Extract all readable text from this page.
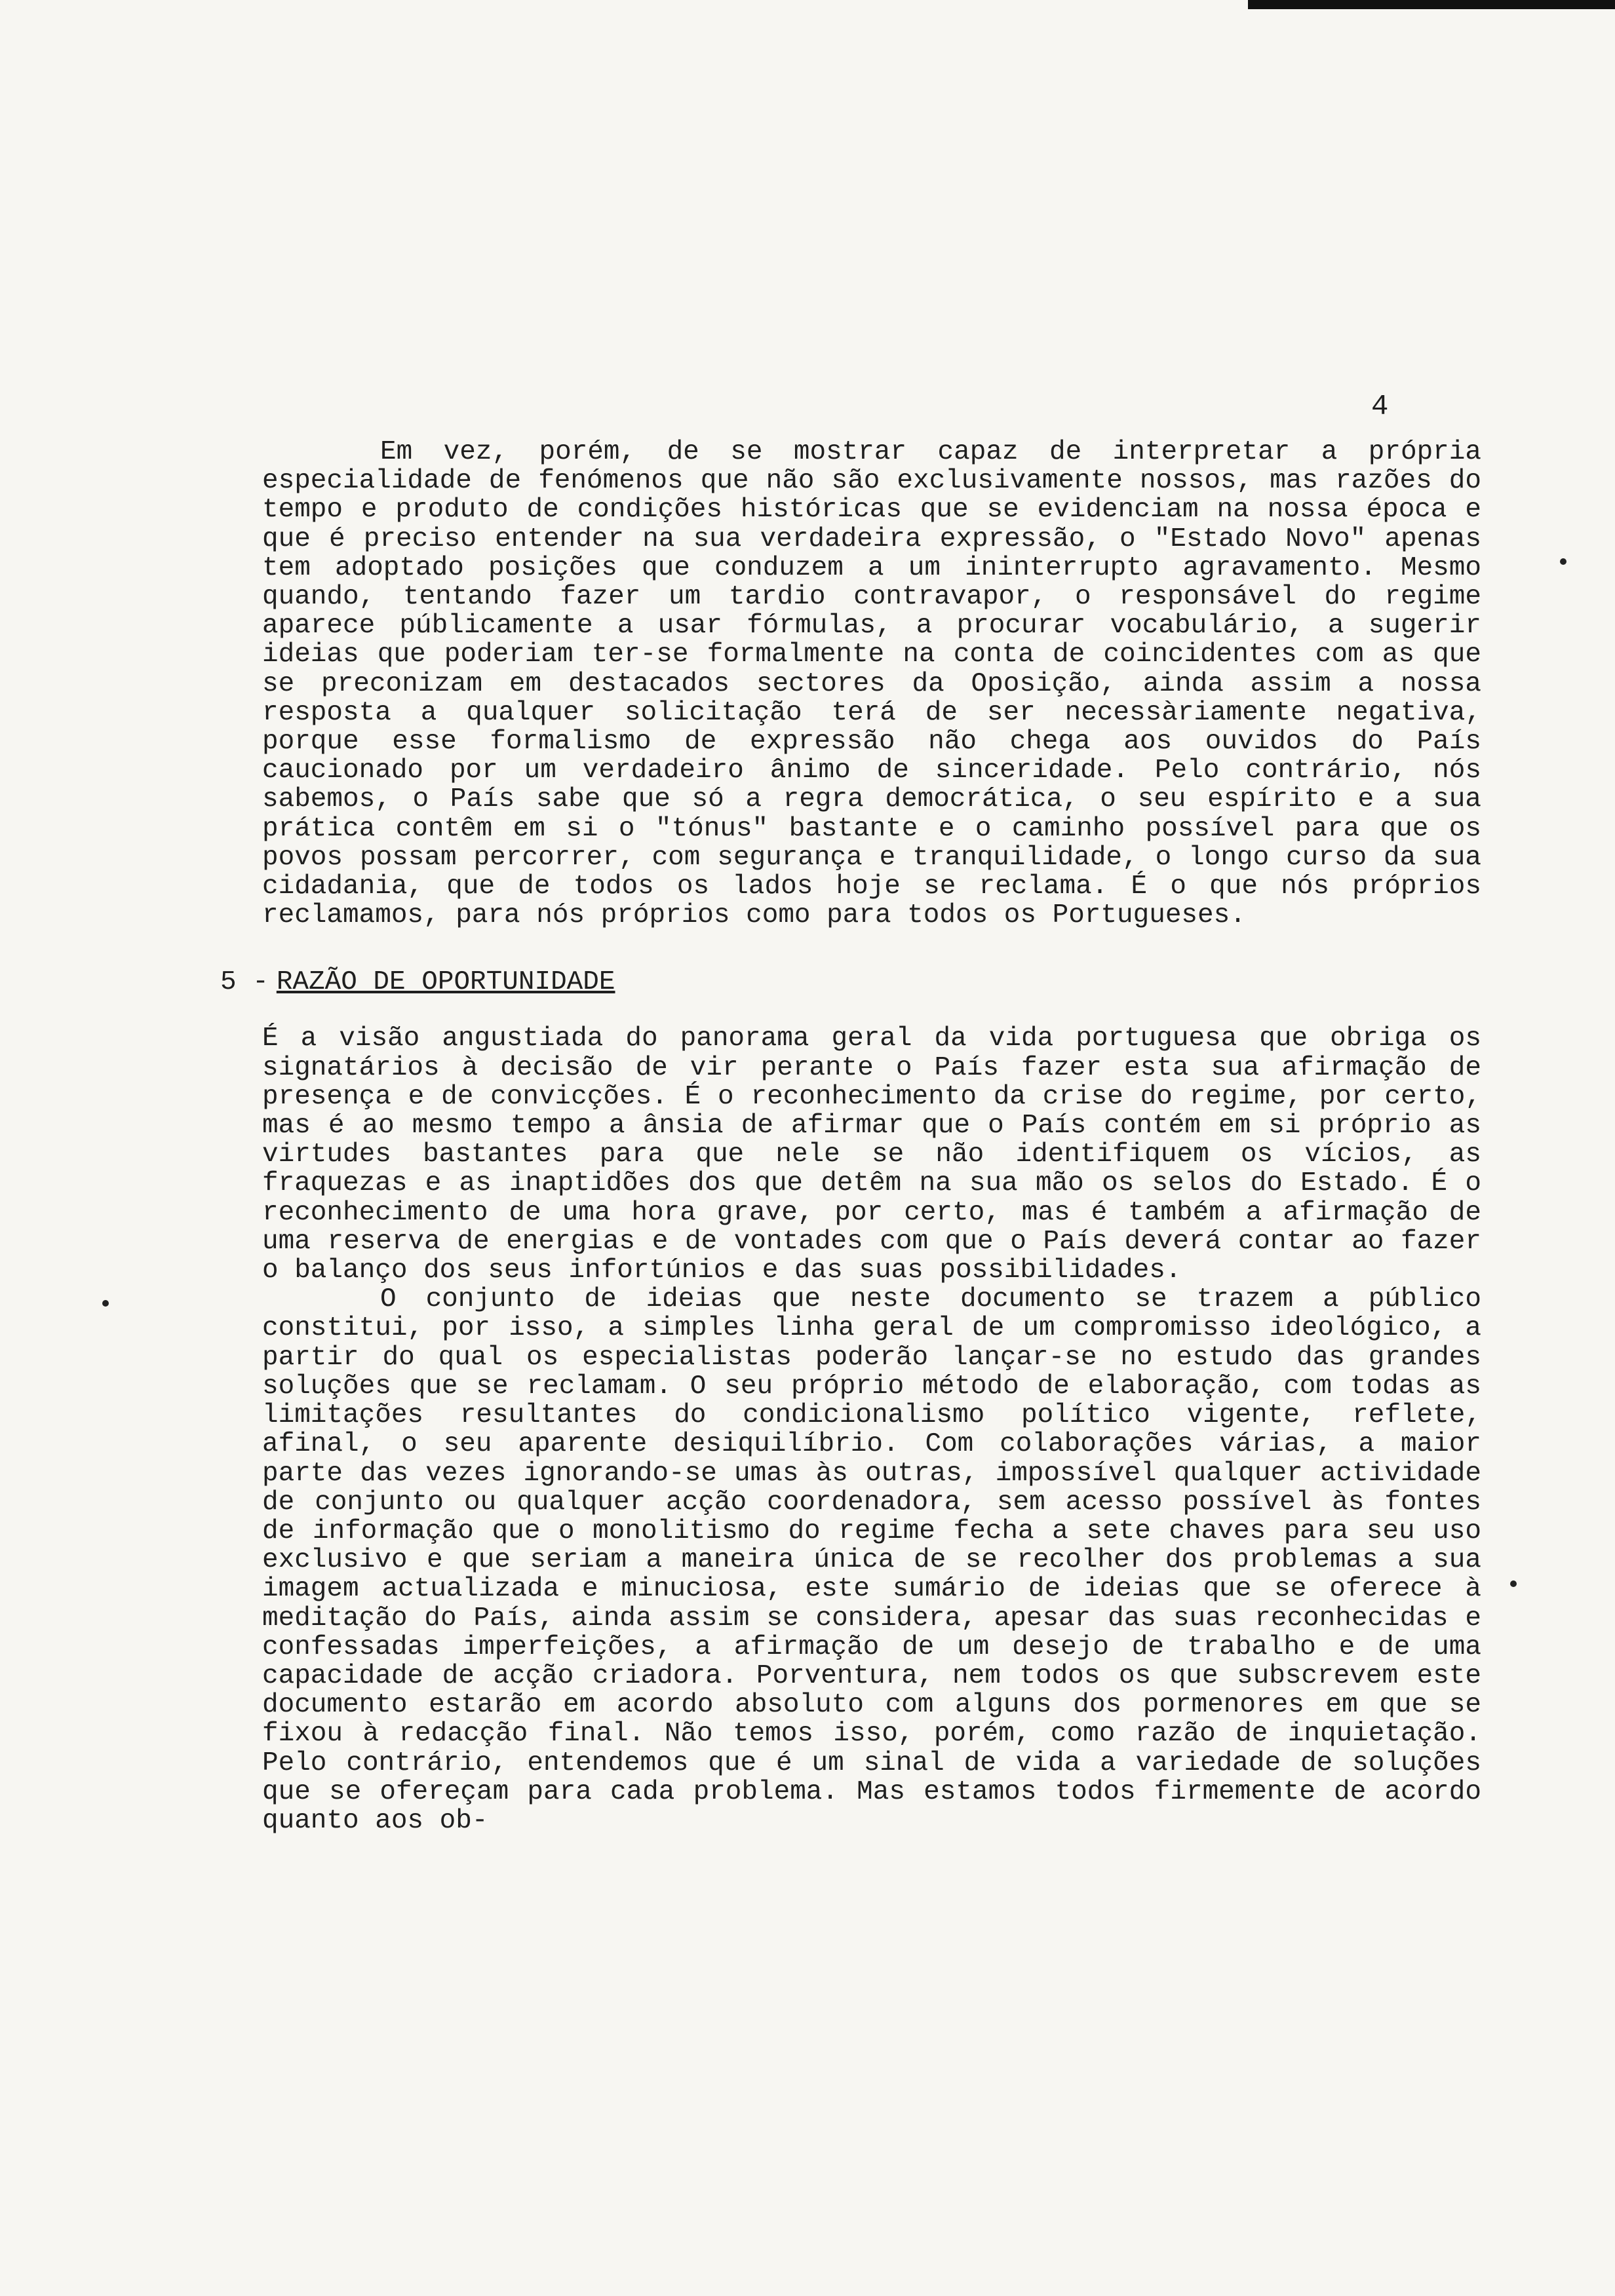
4

Em vez, porém, de se mostrar capaz de interpretar a própria especialidade de fenómenos que não são exclusivamente nossos, mas razões do tempo e produto de condições históricas que se evidenciam na nossa época e que é preciso entender na sua verdadeira expressão, o "Estado Novo" apenas tem adoptado posições que conduzem a um ininterrupto agravamento. Mesmo quando, tentando fazer um tardio contravapor, o responsável do regime aparece públicamente a usar fórmulas, a procurar vocabulário, a sugerir ideias que poderiam ter-se formalmente na conta de coincidentes com as que se preconizam em destacados sectores da Oposição, ainda assim a nossa resposta a qualquer solicitação terá de ser necessàriamente negativa, porque esse formalismo de expressão não chega aos ouvidos do País caucionado por um verdadeiro ânimo de sinceridade. Pelo contrário, nós sabemos, o País sabe que só a regra democrática, o seu espírito e a sua prática contêm em si o "tónus" bastante e o caminho possível para que os povos possam percorrer, com segurança e tranquilidade, o longo curso da sua cidadania, que de todos os lados hoje se reclama. É o que nós próprios reclamamos, para nós próprios como para todos os Portugueses.

5 - RAZÃO DE OPORTUNIDADE

É a visão angustiada do panorama geral da vida portuguesa que obriga os signatários à decisão de vir perante o País fazer esta sua afirmação de presença e de convicções. É o reconhecimento da crise do regime, por certo, mas é ao mesmo tempo a ânsia de afirmar que o País contém em si próprio as virtudes bastantes para que nele se não identifiquem os vícios, as fraquezas e as inaptidões dos que detêm na sua mão os selos do Estado. É o reconhecimento de uma hora grave, por certo, mas é também a afirmação de uma reserva de energias e de vontades com que o País deverá contar ao fazer o balanço dos seus infortúnios e das suas possibilidades.

O conjunto de ideias que neste documento se trazem a público constitui, por isso, a simples linha geral de um compromisso ideológico, a partir do qual os especialistas poderão lançar-se no estudo das grandes soluções que se reclamam. O seu próprio método de elaboração, com todas as limitações resultantes do condicionalismo político vigente, reflete, afinal, o seu aparente desiquilíbrio. Com colaborações várias, a maior parte das vezes ignorando-se umas às outras, impossível qualquer actividade de conjunto ou qualquer acção coordenadora, sem acesso possível às fontes de informação que o monolitismo do regime fecha a sete chaves para seu uso exclusivo e que seriam a maneira única de se recolher dos problemas a sua imagem actualizada e minuciosa, este sumário de ideias que se oferece à meditação do País, ainda assim se considera, apesar das suas reconhecidas e confessadas imperfeições, a afirmação de um desejo de trabalho e de uma capacidade de acção criadora. Porventura, nem todos os que subscrevem este documento estarão em acordo absoluto com alguns dos pormenores em que se fixou à redacção final. Não temos isso, porém, como razão de inquietação. Pelo contrário, entendemos que é um sinal de vida a variedade de soluções que se ofereçam para cada problema. Mas estamos todos firmemente de acordo quanto aos ob-
